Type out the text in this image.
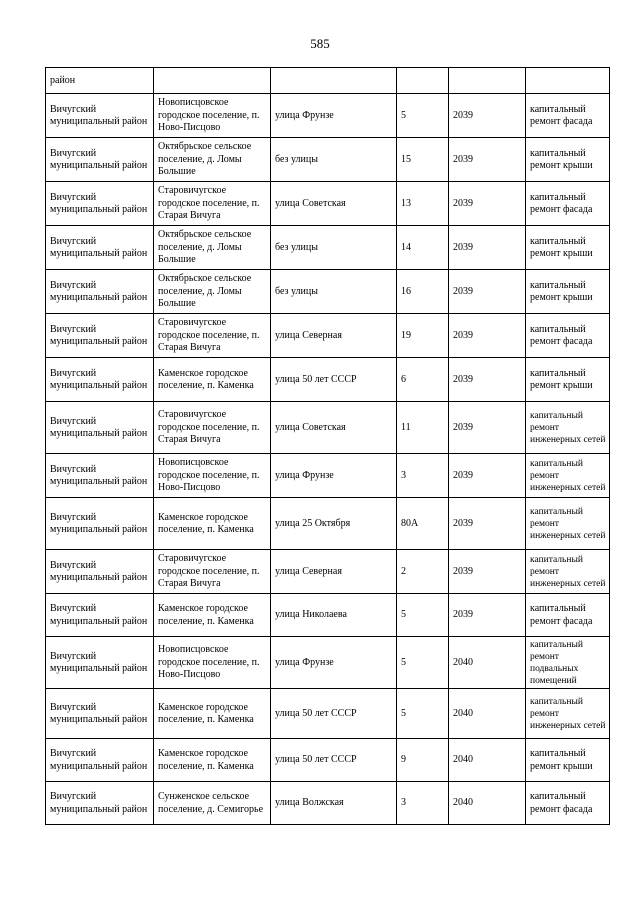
585
район					
Вичугский муниципальный район	Новописцовское городское поселение, п. Ново-Писцово	улица Фрунзе	5	2039	капитальный ремонт фасада
Вичугский муниципальный район	Октябрьское сельское поселение, д. Ломы Большие	без улицы	15	2039	капитальный ремонт крыши
Вичугский муниципальный район	Старовичугское городское поселение, п. Старая Вичуга	улица Советская	13	2039	капитальный ремонт фасада
Вичугский муниципальный район	Октябрьское сельское поселение, д. Ломы Большие	без улицы	14	2039	капитальный ремонт крыши
Вичугский муниципальный район	Октябрьское сельское поселение, д. Ломы Большие	без улицы	16	2039	капитальный ремонт крыши
Вичугский муниципальный район	Старовичугское городское поселение, п. Старая Вичуга	улица Северная	19	2039	капитальный ремонт фасада
Вичугский муниципальный район	Каменское городское поселение, п. Каменка	улица 50 лет СССР	6	2039	капитальный ремонт крыши
Вичугский муниципальный район	Старовичугское городское поселение, п. Старая Вичуга	улица Советская	11	2039	капитальный ремонт инженерных сетей
Вичугский муниципальный район	Новописцовское городское поселение, п. Ново-Писцово	улица Фрунзе	3	2039	капитальный ремонт инженерных сетей
Вичугский муниципальный район	Каменское городское поселение, п. Каменка	улица 25 Октября	80А	2039	капитальный ремонт инженерных сетей
Вичугский муниципальный район	Старовичугское городское поселение, п. Старая Вичуга	улица Северная	2	2039	капитальный ремонт инженерных сетей
Вичугский муниципальный район	Каменское городское поселение, п. Каменка	улица Николаева	5	2039	капитальный ремонт фасада
Вичугский муниципальный район	Новописцовское городское поселение, п. Ново-Писцово	улица Фрунзе	5	2040	капитальный ремонт подвальных помещений
Вичугский муниципальный район	Каменское городское поселение, п. Каменка	улица 50 лет СССР	5	2040	капитальный ремонт инженерных сетей
Вичугский муниципальный район	Каменское городское поселение, п. Каменка	улица 50 лет СССР	9	2040	капитальный ремонт крыши
Вичугский муниципальный район	Сунженское сельское поселение, д. Семигорье	улица Волжская	3	2040	капитальный ремонт фасада
